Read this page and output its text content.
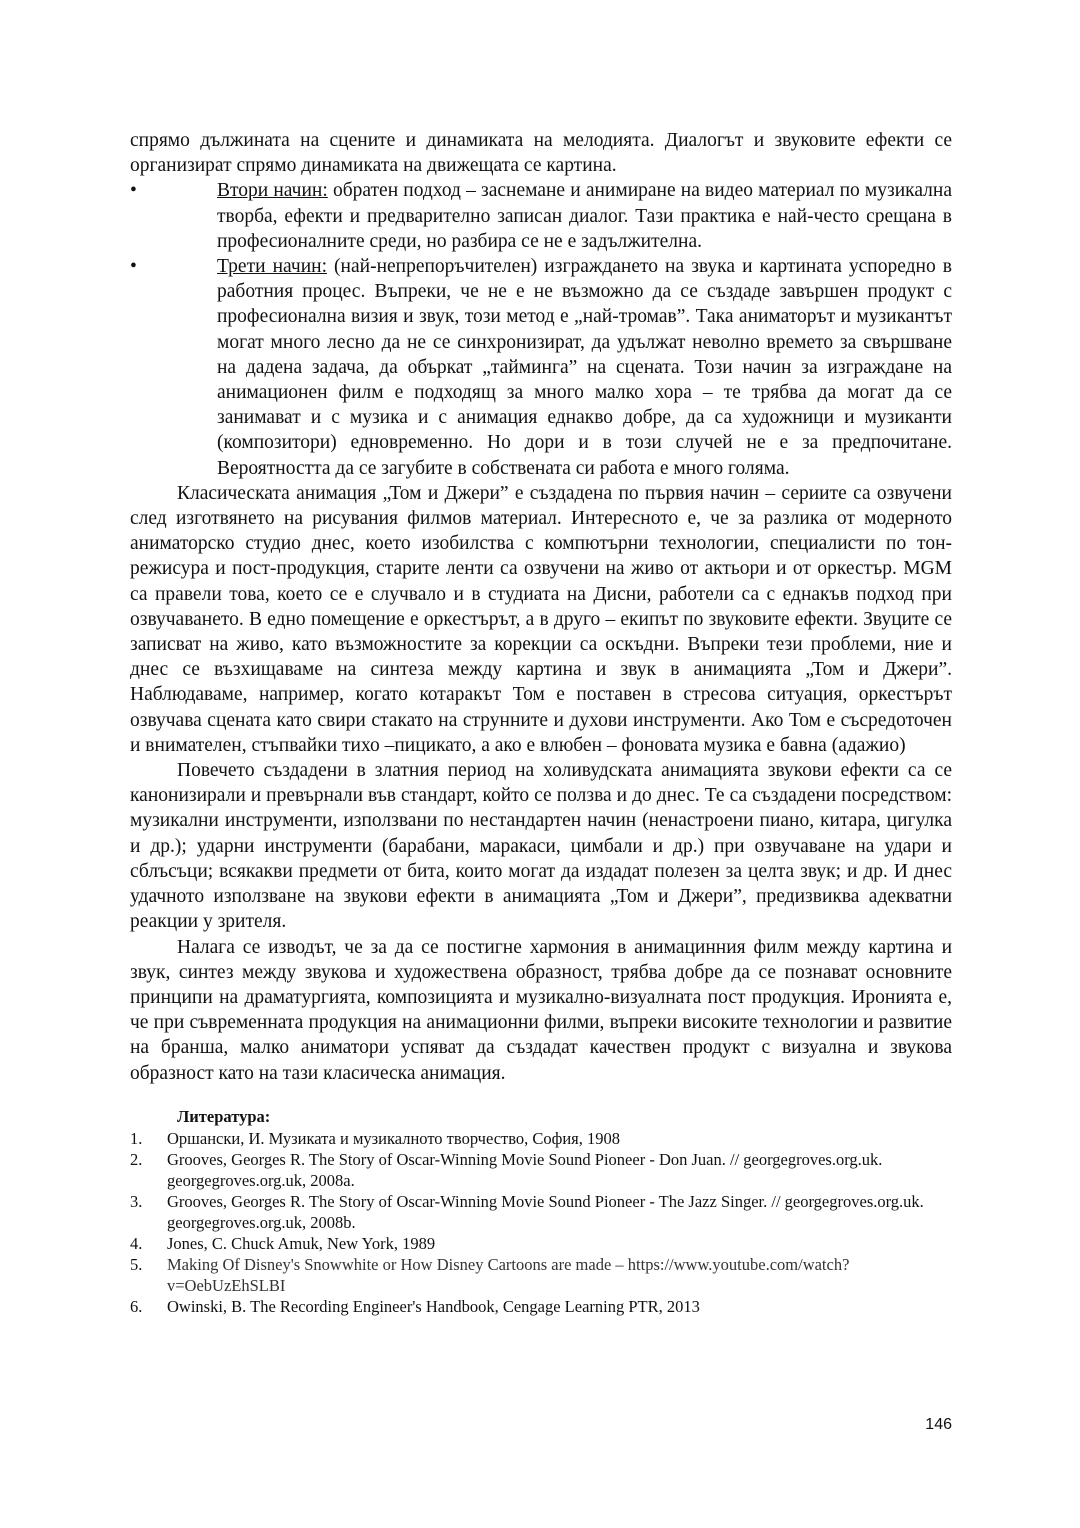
спрямо дължината на сцените и динамиката на мелодията. Диалогът и звуковите ефекти се организират спрямо динамиката на движещата се картина.

•	Втори начин: обратен подход – заснемане и анимиране на видео материал по музикална творба, ефекти и предварително записан диалог. Тази практика е най-често срещана в професионалните среди, но разбира се не е задължителна.

•	Трети начин: (най-непрепоръчителен) изграждането на звука и картината успоредно в работния процес. Въпреки, че не е не възможно да се създаде завършен продукт с професионална визия и звук, този метод е „най-тромав”. Така аниматорът и музикантът могат много лесно да не се синхронизират, да удължат неволно времето за свършване на дадена задача, да объркат „тайминга” на сцената. Този начин за изграждане на анимационен филм е подходящ за много малко хора – те трябва да могат да се занимават и с музика и с анимация еднакво добре, да са художници и музиканти (композитори) едновременно. Но дори и в този случей не е за предпочитане. Вероятността да се загубите в собствената си работа е много голяма.

Класическата анимация „Том и Джери” е създадена по първия начин – сериите са озвучени след изготвянето на рисувания филмов материал. Интересното е, че за разлика от модерното аниматорско студио днес, което изобилства с компютърни технологии, специалисти по тон-режисура и пост-продукция, старите ленти са озвучени на живо от актьори и от оркестър. MGM са правели това, което се е случвало и в студиата на Дисни, работели са с еднакъв подход при озвучаването. В едно помещение е оркестърът, а в друго – екипът по звуковите ефекти. Звуците се записват на живо, като възможностите за корекции са оскъдни. Въпреки тези проблеми, ние и днес се възхищаваме на синтеза между картина и звук в анимацията „Том и Джери”. Наблюдаваме, например, когато котаракът Том е поставен в стресова ситуация, оркестърът озвучава сцената като свири стакато на струнните и духови инструменти. Ако Том е съсредоточен и внимателен, стъпвайки тихо –пицикато, а ако е влюбен – фоновата музика е бавна (адажио)

Повечето създадени в златния период на холивудската анимацията звукови ефекти са се канонизирали и превърнали във стандарт, който се ползва и до днес. Те са създадени посредством: музикални инструменти, използвани по нестандартен начин (ненастроени пиано, китара, цигулка и др.); ударни инструменти (барабани, маракаси, цимбали и др.) при озвучаване на удари и сблъсъци; всякакви предмети от бита, които могат да издадат полезен за целта звук; и др. И днес удачното използване на звукови ефекти в анимацията „Том и Джери”, предизвиква адекватни реакции у зрителя.

Налага се изводът, че за да се постигне хармония в анимацинния филм между картина и звук, синтез между звукова и художествена образност, трябва добре да се познават основните принципи на драматургията, композицията и музикално-визуалната пост продукция. Иронията е, че при съвременната продукция на анимационни филми, въпреки високите технологии и развитие на бранша, малко аниматори успяват да създадат качествен продукт с визуална и звукова образност като на тази класическа анимация.

Литература:
1.	Оршански, И. Музиката и музикалното творчество, София, 1908
2.	Grooves, Georges R. The Story of Oscar-Winning Movie Sound Pioneer - Don Juan. // georgegroves.org.uk. georgegroves.org.uk, 2008a.
3.	Grooves, Georges R. The Story of Oscar-Winning Movie Sound Pioneer - The Jazz Singer. // georgegroves.org.uk. georgegroves.org.uk, 2008b.
4.	Jones, C. Chuck Amuk, New York, 1989
5.	Making Of Disney's Snowwhite or How Disney Cartoons are made – https://www.youtube.com/watch?v=OebUzEhSLBI
6.	Owinski, B. The Recording Engineer's Handbook, Cengage Learning PTR, 2013
146
